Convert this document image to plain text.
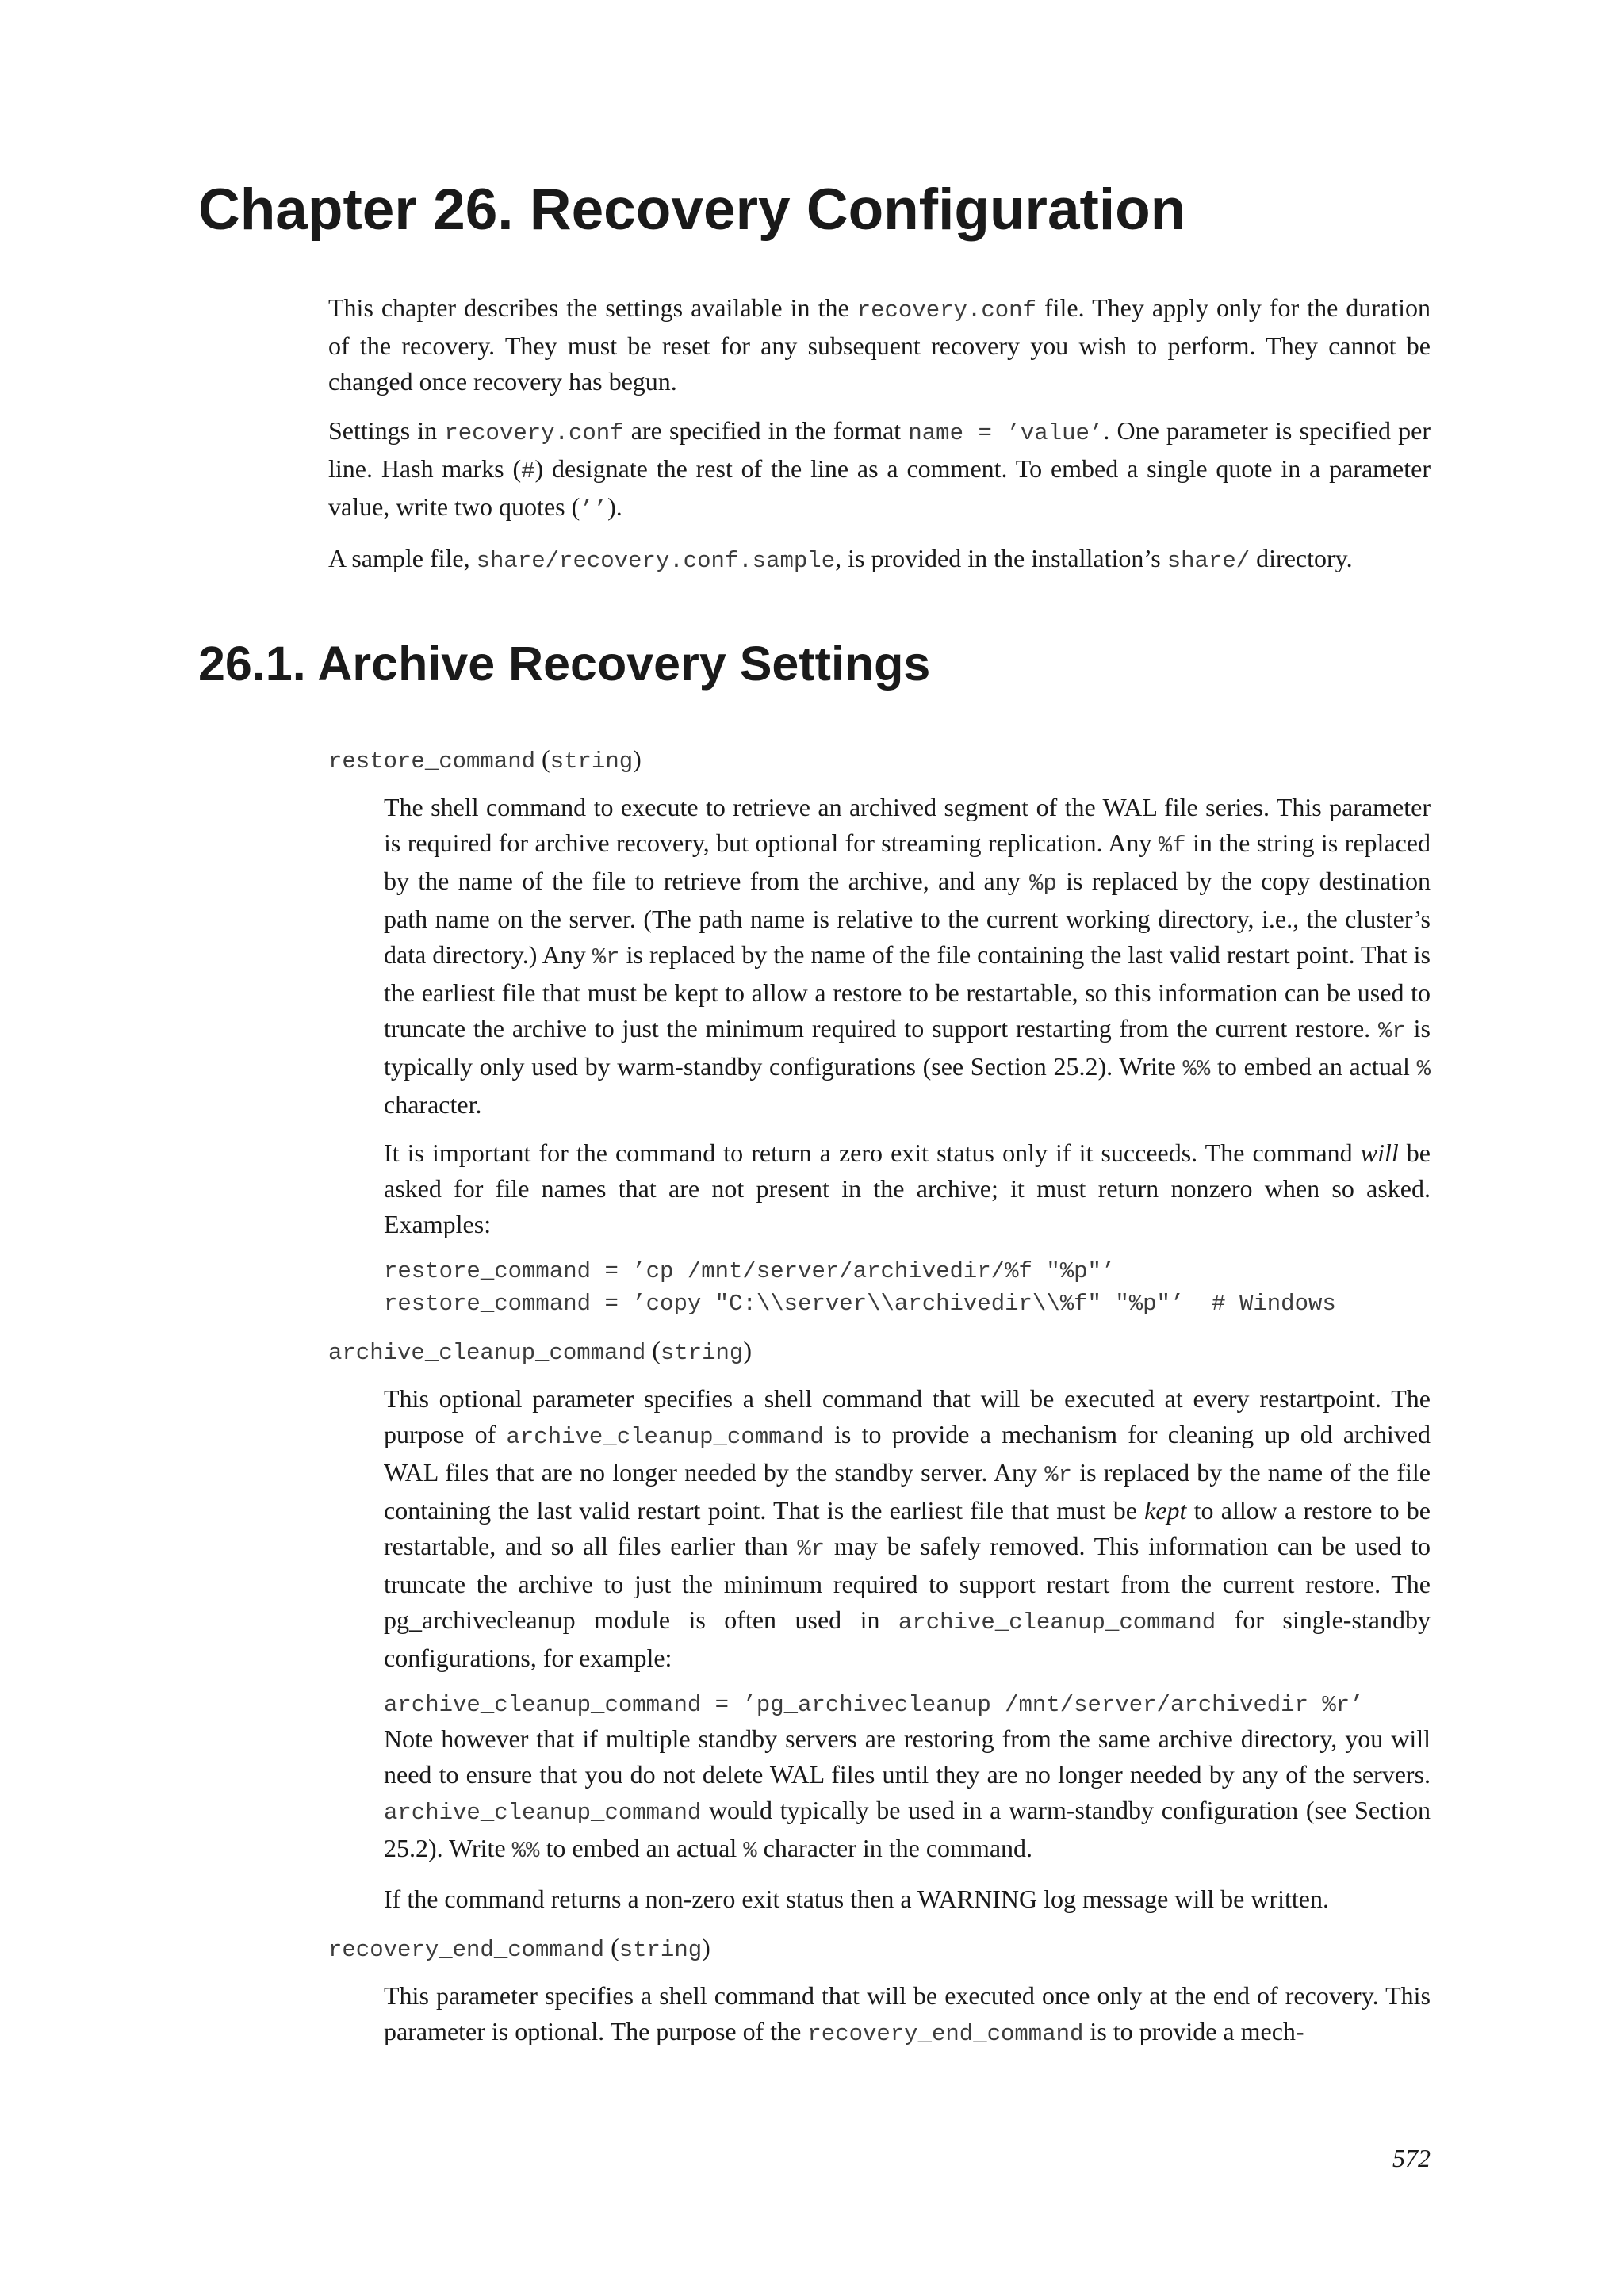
Chapter 26. Recovery Configuration

This chapter describes the settings available in the recovery.conf file. They apply only for the duration of the recovery. They must be reset for any subsequent recovery you wish to perform. They cannot be changed once recovery has begun.

Settings in recovery.conf are specified in the format name = ’value’. One parameter is specified per line. Hash marks (#) designate the rest of the line as a comment. To embed a single quote in a parameter value, write two quotes (’’).

A sample file, share/recovery.conf.sample, is provided in the installation’s share/ directory.

26.1. Archive Recovery Settings
restore_command (string)

The shell command to execute to retrieve an archived segment of the WAL file series. This parameter is required for archive recovery, but optional for streaming replication. Any %f in the string is replaced by the name of the file to retrieve from the archive, and any %p is replaced by the copy destination path name on the server. (The path name is relative to the current working directory, i.e., the cluster’s data directory.) Any %r is replaced by the name of the file containing the last valid restart point. That is the earliest file that must be kept to allow a restore to be restartable, so this information can be used to truncate the archive to just the minimum required to support restarting from the current restore. %r is typically only used by warm-standby configurations (see Section 25.2). Write %% to embed an actual % character.

It is important for the command to return a zero exit status only if it succeeds. The command will be asked for file names that are not present in the archive; it must return nonzero when so asked. Examples:

restore_command = ’cp /mnt/server/archivedir/%f "%p"’
restore_command = ’copy "C:\\server\\archivedir\\%f" "%p"’  # Windows
archive_cleanup_command (string)

This optional parameter specifies a shell command that will be executed at every restartpoint. The purpose of archive_cleanup_command is to provide a mechanism for cleaning up old archived WAL files that are no longer needed by the standby server. Any %r is replaced by the name of the file containing the last valid restart point. That is the earliest file that must be kept to allow a restore to be restartable, and so all files earlier than %r may be safely removed. This information can be used to truncate the archive to just the minimum required to support restart from the current restore. The pg_archivecleanup module is often used in archive_cleanup_command for single-standby configurations, for example:

archive_cleanup_command = ’pg_archivecleanup /mnt/server/archivedir %r’

Note however that if multiple standby servers are restoring from the same archive directory, you will need to ensure that you do not delete WAL files until they are no longer needed by any of the servers. archive_cleanup_command would typically be used in a warm-standby configuration (see Section 25.2). Write %% to embed an actual % character in the command.

If the command returns a non-zero exit status then a WARNING log message will be written.

recovery_end_command (string)

This parameter specifies a shell command that will be executed once only at the end of recovery. This parameter is optional. The purpose of the recovery_end_command is to provide a mech-

572
